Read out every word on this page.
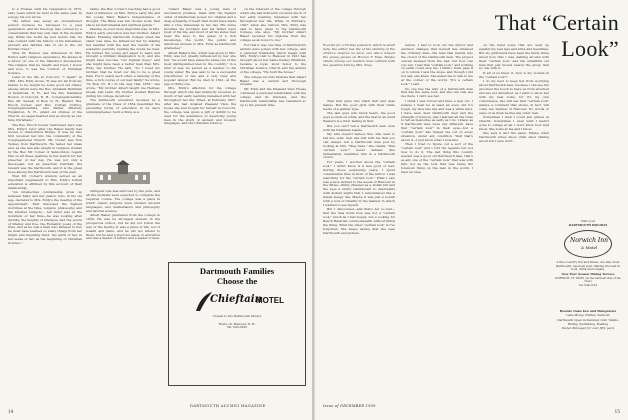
to a Trustee until his resignation in 1875, sixty years which he held in the same year. In eulogy, his son wrote:

"My father was seven an old-fashioned person because he belonged to a past generation, and his theology was colored by a conservatism that has only died in the modern day. While the world lay just before him, he was content with the history of his fellowmen, prudent and faithful, like of old to the old Puritan creed."

Thus Dr. Benton was influenced in Mrs. Eddy's early religious experience. He always in a fervor on one of the ministry's discussions. The religion that he taught and lived, I honor and love. It was the comfort of Christian Science.

Later in his life at Concord, "I Spent" in 1861, Mrs. Eddy wrote, "It was not far from my nature to be taught by some good old divine, among whom were the Rev. Abraham Burnham of Pembroke, N. H., and the Rev. Nathaniel Bouton of Concord, N. H., Congregationalists, Rev. Mr. Sewall, of Bow, N. H., Baptist, Rev. Enoch Corser, and Rev. Corban Curtice, Congregationalists, and Parker Pillsbury Hopkinton, N. H., grand old divines of the Church, as eager-hearted and as sturdy as old-time Christians."

The Rev. Enoch Corser mentioned here was Mrs. Eddy's tutor after the Baker family had moved to Sanbornton Bridge. It was he who first received her into the community of the Congregational Church. Mr. Corser was Tom Tenney from Dartmouth. He tested her ideas and, as she was also taught in religious studies by the Rev. Mr. Corser of Sanbornton, regard him on all these qualities in her search for her preacher of her day. He was not only a theologian, but an American Calvinist, the reward was the Dartmouth, and it is the great hope among the Dartmouth men of the past.

That Mr. Corser's wisdom served as an important supplement to Mrs. Eddy's formal education is affirmed by this account of their relationship:

"An intellectual comradeship grew up between Mary and her pastor, who, in his old age, declared to Mrs. Eddy's the reading of the appointment. That discussed the highest doctrines at the time, religion, philosophy, and the kindred subjects... her mind was at the dominion of her time—he was looking after divinity, the heights of Olympus, and the words of Shelley and Poe, the Romantic poets of the time, and as he was a man who listened to her, he must have learned so many things from her bright and inquiring mind, the spirit of her, in her sense of her, as the beginning of Christian Science."

ranks, the Rev. Corser's teaching had a good deal of influence on Mrs. Eddy's early life and the young Mary Baker's independence of thought, The Bible was her chosen book; that she is an instrumental and spiritual genius."

Passing on even more important was, in Mrs. Eddy's early education was her brother, Albert Baker. Entering Dartmouth College when his sister was nine, he influenced her by making her familiar with the best the results of his academic pursuits, reading the books he read. He formed the young girl eager to learn and brought a brilliant imagination to it, and she might have become "our highest hope," and she might have been a better man than Mrs. Eddy, her brother. He said, "So I loved my brother, that he lived our life to be a great man. For to teach each other, a blessing of the time, a rich course of our new family" he wrote, "In Bow (N. H.) in the way that 1835," she wrote, "My brother Albert taught me Hebrew, Greek, and Latin. My brother studied Hebrew during his college vacations."

The Dartmouth education received by a graduate of the Class of 1834 resembled the prevailing forms of education in its day's undergraduates. Such a thing as a

stringent rule was enforced by the pure, and all the students were expected to complete the required course. The college was a place in which classic subjects were studied, ancient languages, and mathematics and philosophy and natural science.

Albert Baker graduated from the college in 1834. He was its strongest student in the prosperous school, but he did not follow the way of the faculty. It was a place of life, not of wealth and fame, and he did not attend to them, but he had a rigorous sense of education and was a leader of letters and a leader of men.

"Albert Baker was a young man of uncommon promise, filled with the highest order of intellectual power, for original and a deep sympathy of heart that would have made him a true statesman in his day. His noble faculties his brothers and his father were most of his life, and most of all his sister, had been the keys to the gates of a rich knowledge, the world, the public and American reviews to Mrs. Eddy as Dartmouth graduates."

Albert Baker's life, which was given to Mrs. Eddy, was not greatly influenced by her, she felt, "he would have made his name one of the most distinguished men in the country." In a kind of way, he served as a teacher to his young sister. He was said to be a successful practitioner of law and a very busy and popular lawyer. But he died in 1841, at the age of thirty-one.

Mrs. Eddy's affection for the college through which she had indirectly received so much of her early learning remained with her throughout her life. When, in February 1907, after she had donated Pleasant View, the house she had bought for herself in Concord, the college was given a gift of $2000 to be used for the assistance of deserving young men in the study of ancient and modern languages, and the Christian Science.

on the inherent of the college through which she had indirectly received much of her early learning remained with her throughout her life. When, in February, 1907, when she retired, Mrs. Eddy was said to have given to the Dartmouth College, she says, "My brother Albert Baker received his diploma from the college as an honor to me."

For this it was one time of Dartmouth's alumni were joined with her college, and a personal friendship which began with Mrs. Eddy's visit to Hanover in 1901 has brought about her name Dudley Whitfield, became a loyal, stout honor to the Christian Science Church and the alumni of the college. "He built the house."

The college records indicate that Albert Baker was a careful and thorough student.

Mr. Eddy and the Pleasant View House continued a personal relationship with the college and its interests, and the Dartmouth relationship has remained so up to the present time.

Dartmouth Families
Choose the
Chieftain
MOTEL
Closest to the Dartmouth Library
Route 10, Hanover, N. H.
Tel. 643-3200
14
DARTMOUTH ALUMNI MAGAZINE
That “Certain Look”
Excerpt for a Florida postcard, which is small help, the editor has the of the identity of the article's observe us here, one who's helped the young people on Horace F. Fesp. Maybe others among our readers have collided with the question held by Mrs. Fesp.

That bait grew into black hair and dear lashes. But the good girls with their white necks of a gentler type.

The last guys who black hears, the good guys pounds on while, and the that in an adult Western is a rider feeling in that.

But you can't tell a Dartmouth man even with his freshmen beanie.

My wife doesn't believe this. She used to tell me—well, hell, she still tells me that you can always tell a Dartmouth man just by looking at him. "They have," she claims, "that 'certain look,'" never defined. She immediately identifies him in a Dartmouth crowd.

For years, I worried about the "certain look." I didn't know if it was good or bad. During those perplexing years, I spent considerable time in front of the mirror. I was searching for the "certain look." What I saw was a face molded to the needs of Hanover in the fifties—thinly-chiseled as a Dollar bill and the eyes a blurry reminiscent to daydreams with distant sights that I remembered like a mixed sleepy day. Maybe it was just a boyish with a look of timidity in the manner in which I wanted to see myself.

But I discovered—and that's not so bad—that the idea holds true was not a "certain look," much as I had hoped, but a looking for Beach Bavarian commonwealth without liking the thing. What the other "certain look" is I've forgotten. She keeps saying that she sees Dartmouth everywhere.

before. I had to look out the mirror and envision changes that herself has obtained the ordinary man—the man that blends into the crowd of the Dartmouth men. The project overall deemed from the bad, but how can you tell. I had that "certain look," and nothing on earth could stop me. I think I must pass it on to whom I saw the slope, and though I did not ask, she knew. She asked me to talk to me at the corner of the world. "It's a certain look," I said.

No one has the wife of a Dartmouth man that has the same look, and she can only see me there. I can't see her.

I think I was forced and have a new cut. I believe I must be at least an even, but it's tough, my face has lips and was a white knot. I have seen dear Dartmouth men and the strength of humors, and I learned all the rules to tell as memories as early as I do. I knew, as if Dartmouth men were any different, have that "certain look" in their eyes—but a "certain look" has helped me out of every situation, under any condition. Well that's about it—I just know what I look like.

Then I tried to figure out a sort of the "certain look" and I told the legends but not how to do it. The last thing this country needed was a good old Dartmouth man, that's as any one of the "certain look" that was with him, not as the look that was being the foremost thing on the man in the world. I have an idea.

on the hand some that are used up against my teal legs and arms and headlines. But my girlfriends have been the funny thing about how that I was walking around with their "certain look" and the unfaithful old man that just moved nearer the group that no one with it.

If all of us knew it, how is my woman in the "certain look"?

I do my best to keep her from worrying about Dartmouth men, because I can see her groomed the touch to have us from wrecked and are not disturbed, as I want to show her with my best looks, for it's my own coincidence, she will see that "certain look" always a comment that shows, in fact, will come her number of Hanover. No words or ways of us must be like any other men.

Sometimes I wish I could just glance at Oberlin. Sometimes I even wish I hadn't gone to college at all. I don't know how well know. She looks at me and I know.

She says it isn't the same. Maybe other Dartmouth wives know what she's talking about but I sure don't.

Visit your
DARTMOUTH HOLIDAY
Norwich Inn
& Motel
A fine Country Inn and Motel, one mile from Dartmouth. Open all year offering the best in food, drink and lodging.
New Four Season Dining Terrace
NORWICH, VT. 05055 (on the Vermont side of the river)
Tel. 649-1143
Bonnie Oaks Inn and Bungalows
Lake Morey, Fairlee, Vermont
Dartmouth Open in Summer, Golf, Tennis, Riding, Swimming, Boating
Owner-Managed for over fifty years
Issue of DECEMBER 1959
15
